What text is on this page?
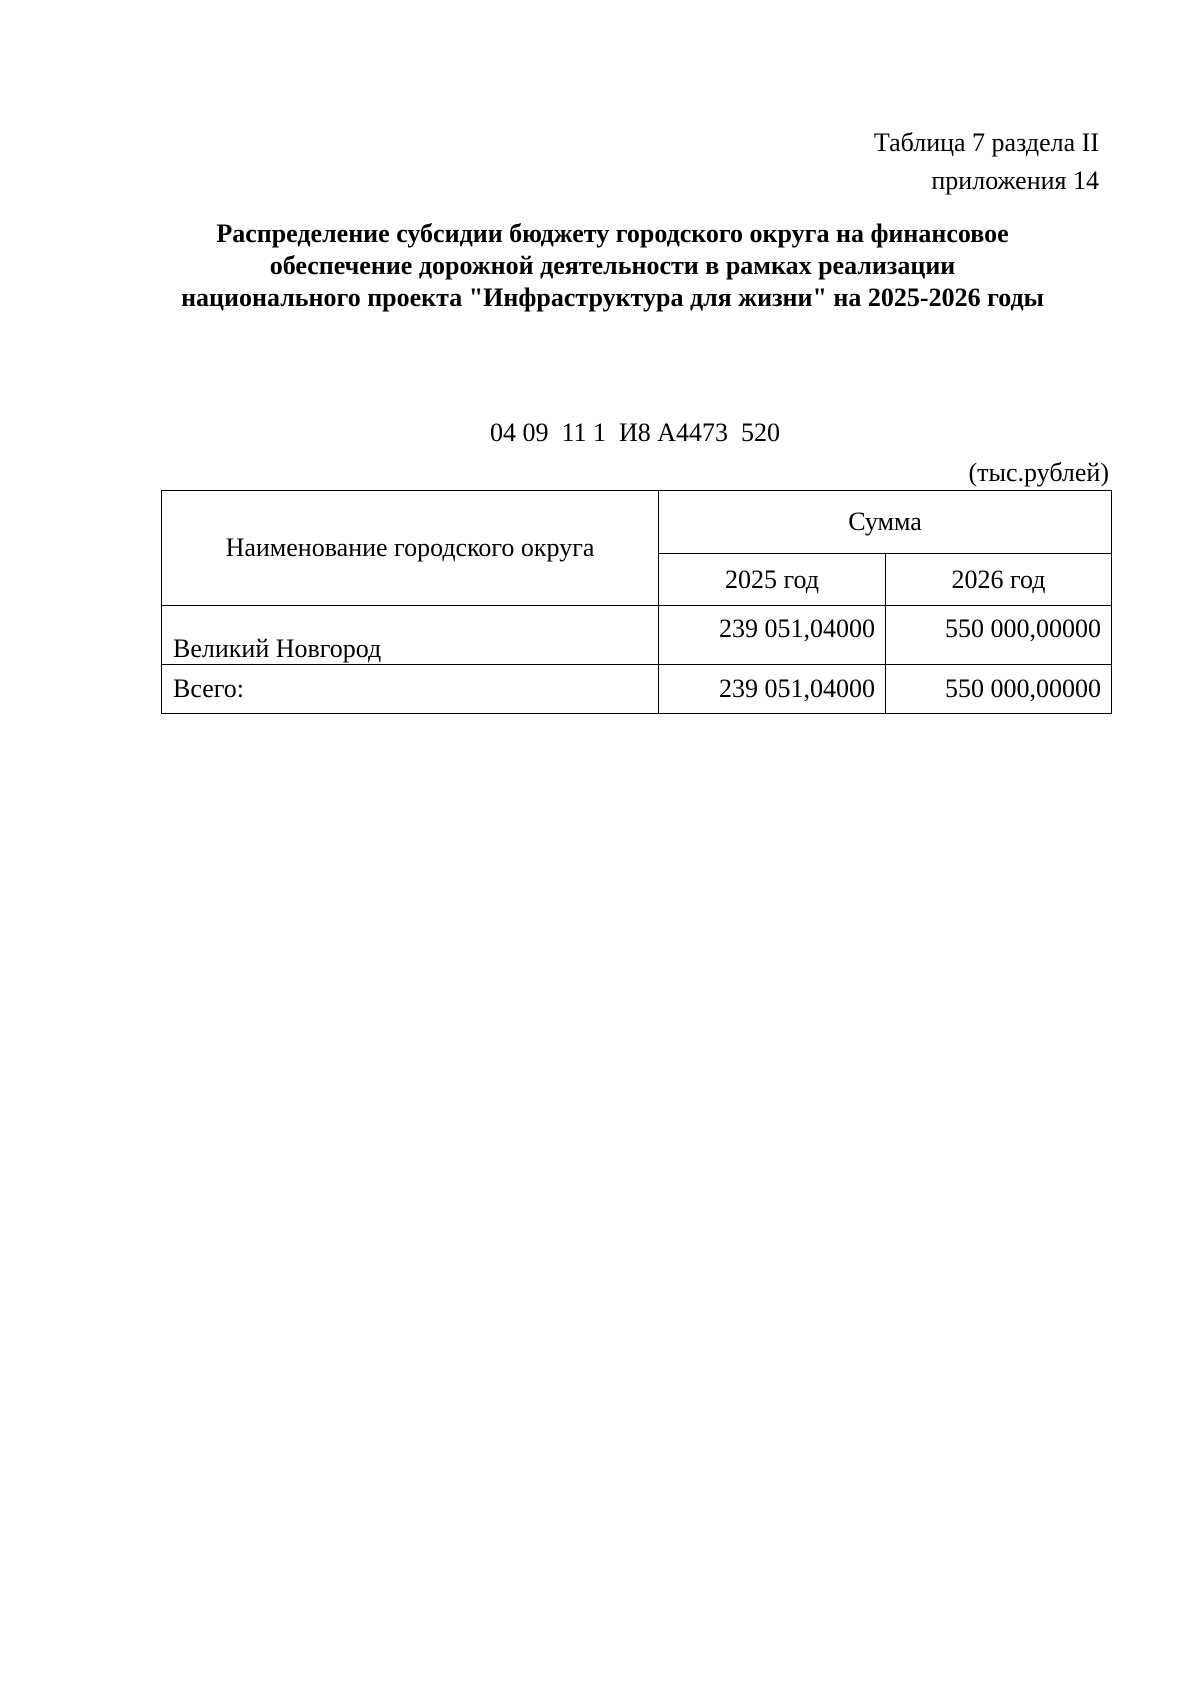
Таблица 7 раздела II
приложения 14
Распределение субсидии бюджету городского округа на финансовое обеспечение дорожной деятельности в рамках реализации национального проекта "Инфраструктура для жизни" на 2025-2026 годы
04 09  11 1  И8 А4473  520
(тыс.рублей)
Наименование городского округа	Сумма	
	2025 год	2026 год
Великий Новгород	239 051,04000	550 000,00000
Всего:	239 051,04000	550 000,00000
